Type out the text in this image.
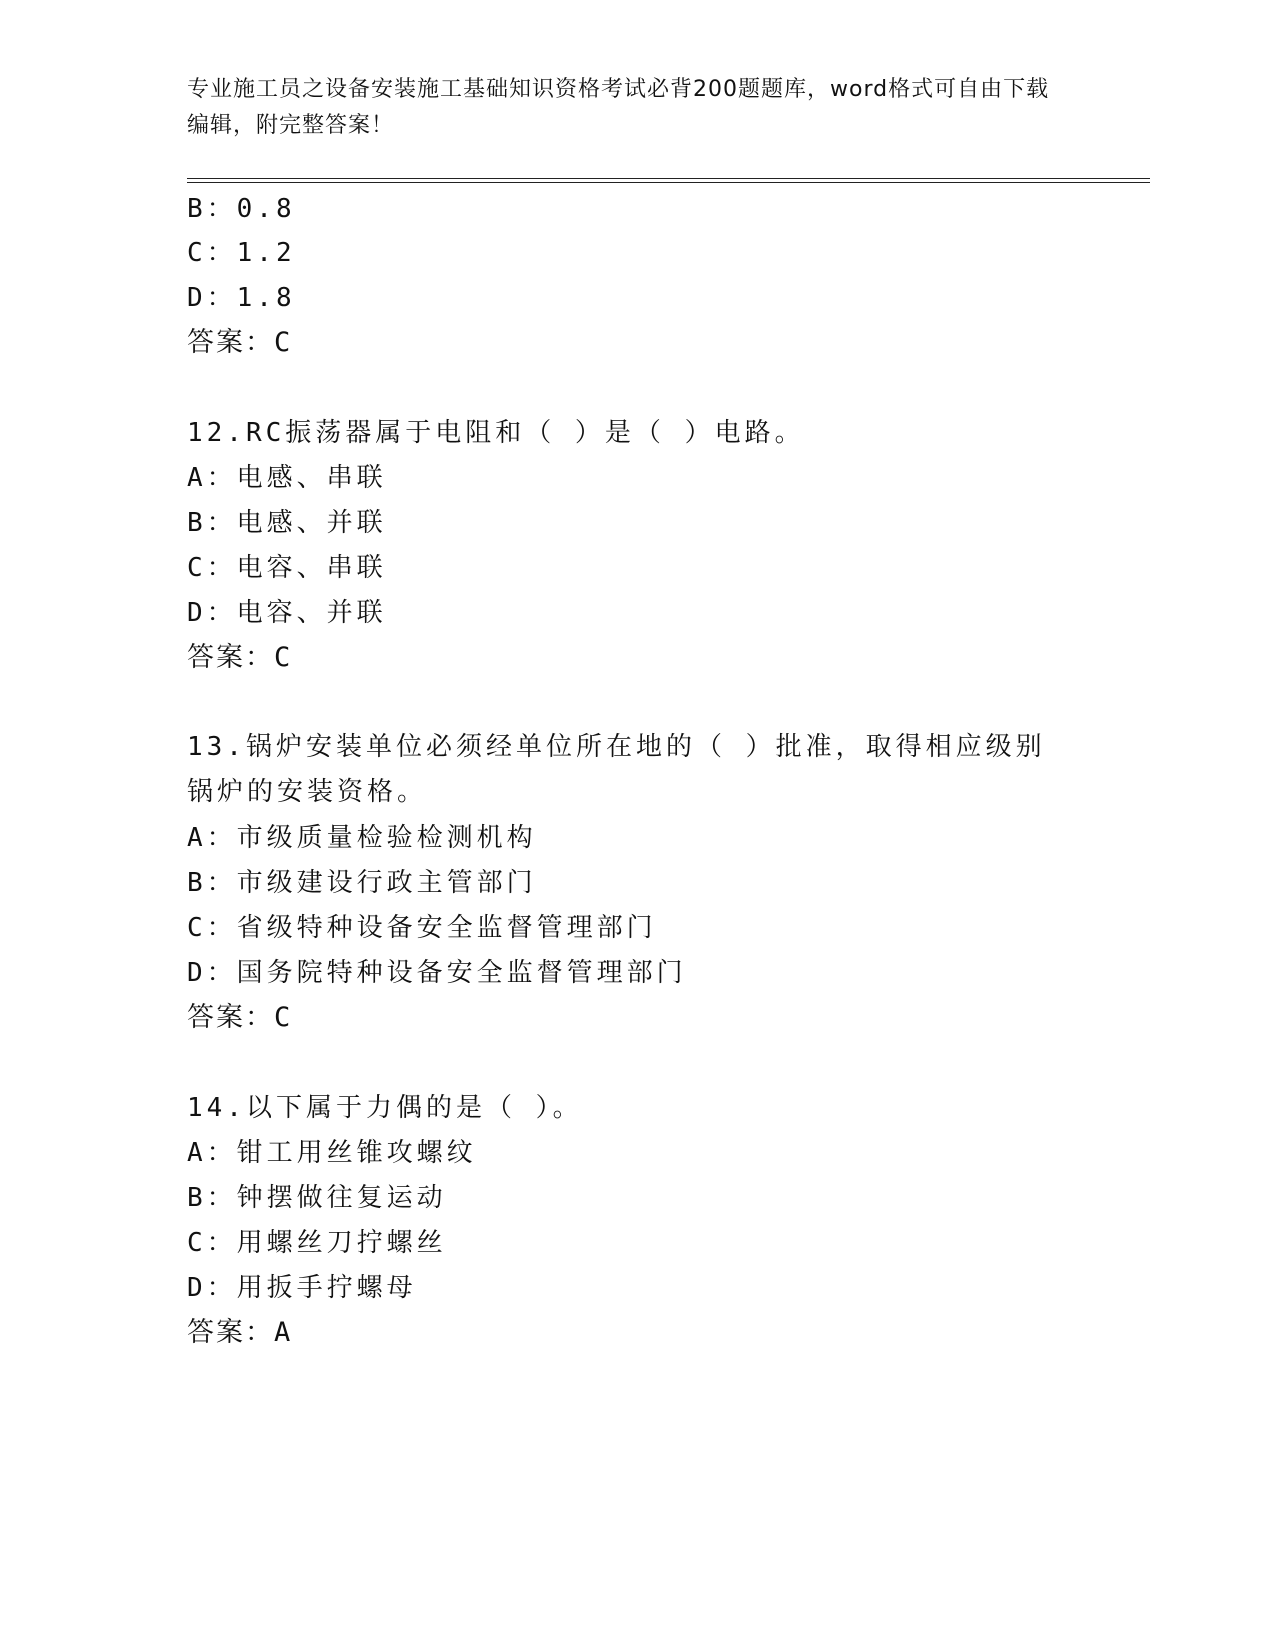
专业施工员之设备安装施工基础知识资格考试必背200题题库，word格式可自由下载编辑，附完整答案！
B：0.8
C：1.2
D：1.8
答案：C
12.RC振荡器属于电阻和（ ）是（ ）电路。
A：电感、串联
B：电感、并联
C：电容、串联
D：电容、并联
答案：C
13.锅炉安装单位必须经单位所在地的（ ）批准，取得相应级别锅炉的安装资格。
A：市级质量检验检测机构
B：市级建设行政主管部门
C：省级特种设备安全监督管理部门
D：国务院特种设备安全监督管理部门
答案：C
14.以下属于力偶的是（ ）。
A：钳工用丝锥攻螺纹
B：钟摆做往复运动
C：用螺丝刀拧螺丝
D：用扳手拧螺母
答案：A
